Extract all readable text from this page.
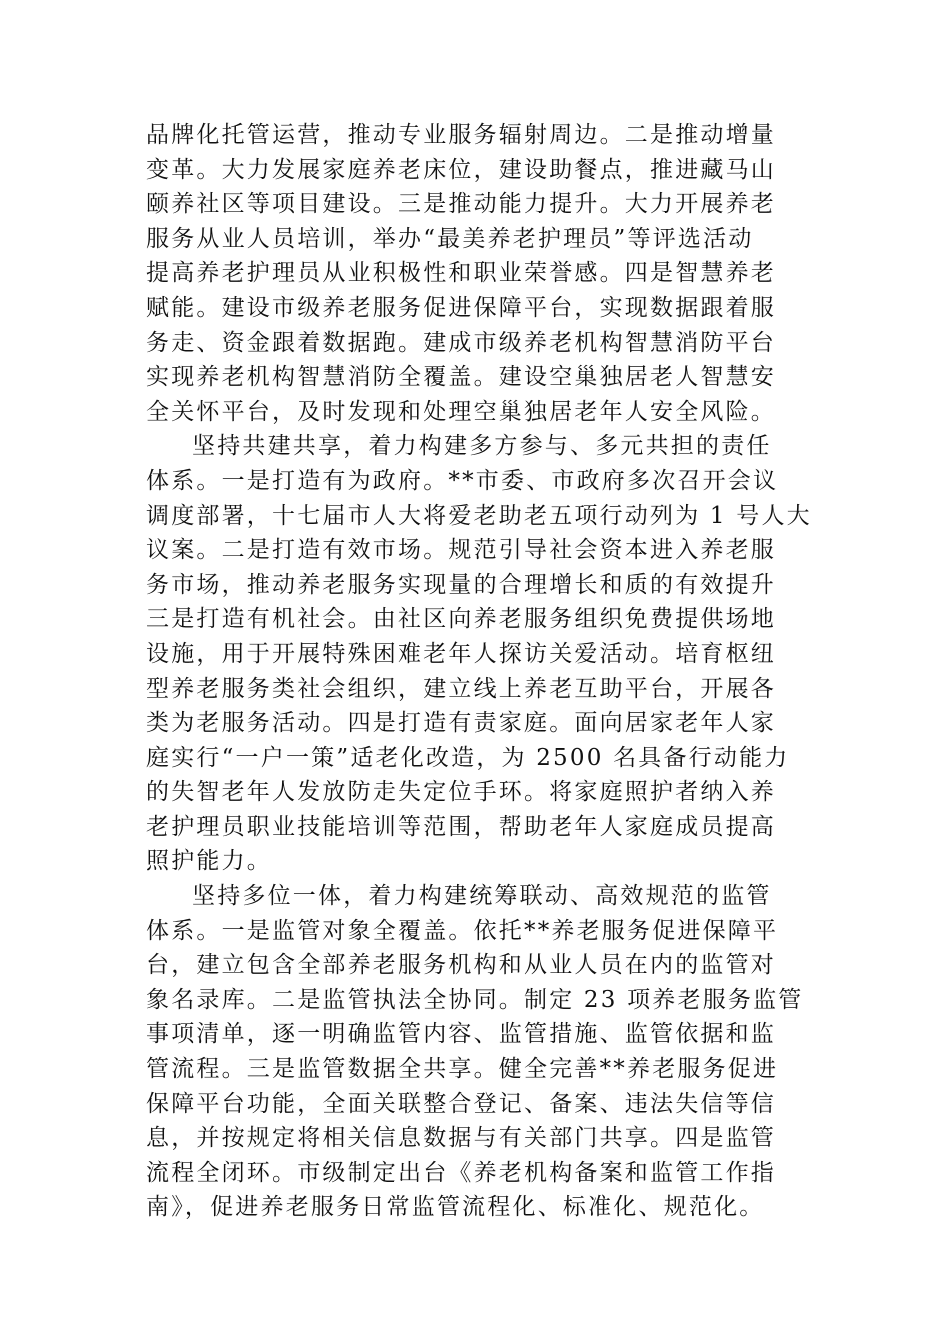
品牌化托管运营，推动专业服务辐射周边。二是推动增量
变革。大力发展家庭养老床位，建设助餐点，推进藏马山
颐养社区等项目建设。三是推动能力提升。大力开展养老
服务从业人员培训，举办“最美养老护理员”等评选活动
提高养老护理员从业积极性和职业荣誉感。四是智慧养老
赋能。建设市级养老服务促进保障平台，实现数据跟着服
务走、资金跟着数据跑。建成市级养老机构智慧消防平台
实现养老机构智慧消防全覆盖。建设空巢独居老人智慧安
全关怀平台，及时发现和处理空巢独居老年人安全风险。
坚持共建共享，着力构建多方参与、多元共担的责任
体系。一是打造有为政府。**市委、市政府多次召开会议
调度部署，十七届市人大将爱老助老五项行动列为 1 号人大
议案。二是打造有效市场。规范引导社会资本进入养老服
务市场，推动养老服务实现量的合理增长和质的有效提升
三是打造有机社会。由社区向养老服务组织免费提供场地
设施，用于开展特殊困难老年人探访关爱活动。培育枢纽
型养老服务类社会组织，建立线上养老互助平台，开展各
类为老服务活动。四是打造有责家庭。面向居家老年人家
庭实行“一户一策”适老化改造，为 2500 名具备行动能力
的失智老年人发放防走失定位手环。将家庭照护者纳入养
老护理员职业技能培训等范围，帮助老年人家庭成员提高
照护能力。
坚持多位一体，着力构建统筹联动、高效规范的监管
体系。一是监管对象全覆盖。依托**养老服务促进保障平
台，建立包含全部养老服务机构和从业人员在内的监管对
象名录库。二是监管执法全协同。制定 23 项养老服务监管
事项清单，逐一明确监管内容、监管措施、监管依据和监
管流程。三是监管数据全共享。健全完善**养老服务促进
保障平台功能，全面关联整合登记、备案、违法失信等信
息，并按规定将相关信息数据与有关部门共享。四是监管
流程全闭环。市级制定出台《养老机构备案和监管工作指
南》，促进养老服务日常监管流程化、标准化、规范化。
